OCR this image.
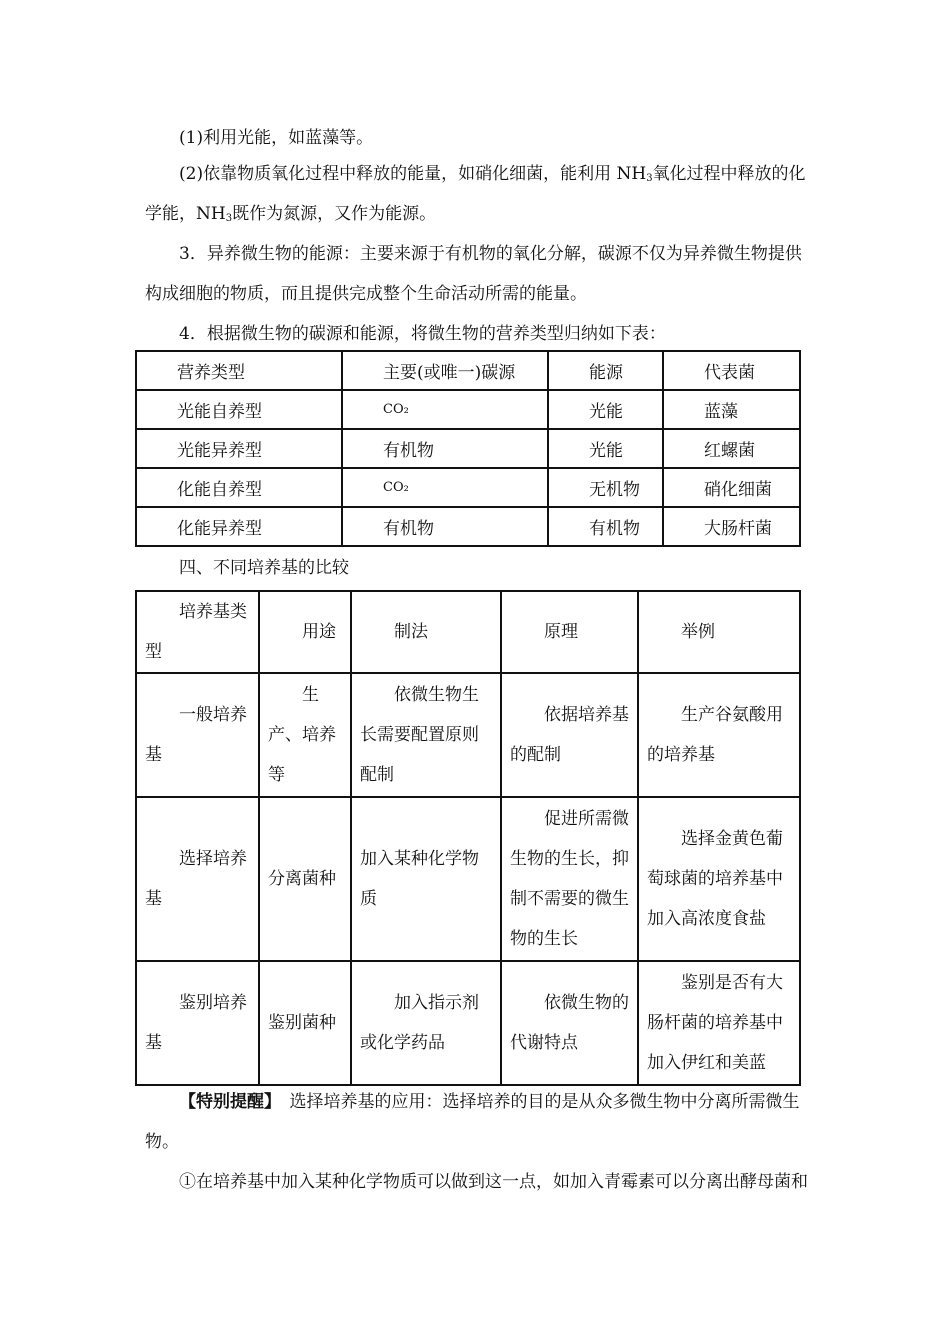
(1)利用光能，如蓝藻等。

(2)依靠物质氧化过程中释放的能量，如硝化细菌，能利用 $NH_3$氧化过程中释放的化学能，$NH_3$既作为氮源，又作为能源。

3．异养微生物的能源：主要来源于有机物的氧化分解，碳源不仅为异养微生物提供构成细胞的物质，而且提供完成整个生命活动所需的能量。

4．根据微生物的碳源和能源，将微生物的营养类型归纳如下表：

营养类型	主要(或唯一)碳源	能源	代表菌
光能自养型	CO₂	光能	蓝藻
光能异养型	有机物	光能	红螺菌
化能自养型	CO₂	无机物	硝化细菌
化能异养型	有机物	有机物	大肠杆菌
四、不同培养基的比较
培养基类型	用途	制法	原理	举例

一般培养基	生产、培养等	依微生物生长需要配置原则配制	依据培养基的配制	生产谷氨酸用的培养基

选择培养基	分离菌种	加入某种化学物质	促进所需微生物的生长，抑制不需要的微生物的生长	选择金黄色葡萄球菌的培养基中加入高浓度食盐

鉴别培养基	鉴别菌种	加入指示剂或化学药品	依微生物的代谢特点	鉴别是否有大肠杆菌的培养基中加入伊红和美蓝

【特别提醒】　选择培养基的应用：选择培养的目的是从众多微生物中分离所需微生物。

①在培养基中加入某种化学物质可以做到这一点，如加入青霉素可以分离出酵母菌和
